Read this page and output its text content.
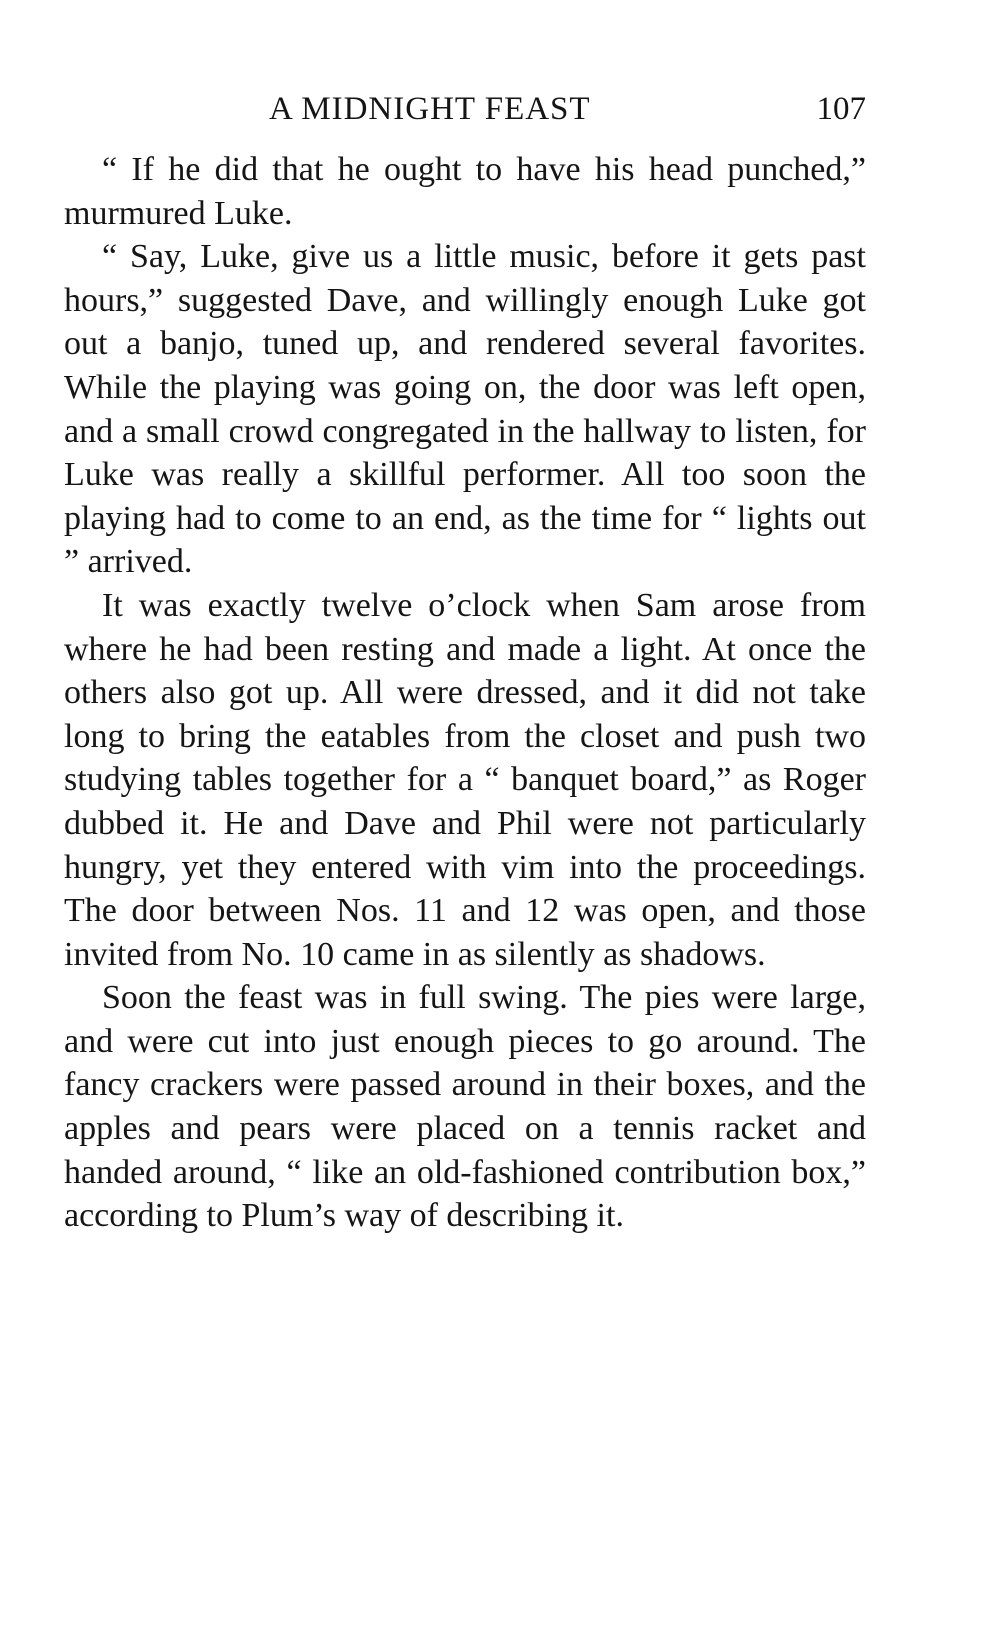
A MIDNIGHT FEAST	107

“ If he did that he ought to have his head punched,” murmured Luke.

“ Say, Luke, give us a little music, before it gets past hours,” suggested Dave, and willingly enough Luke got out a banjo, tuned up, and rendered several favorites. While the playing was going on, the door was left open, and a small crowd congregated in the hallway to listen, for Luke was really a skillful performer. All too soon the playing had to come to an end, as the time for “ lights out ” arrived.

It was exactly twelve o’clock when Sam arose from where he had been resting and made a light. At once the others also got up. All were dressed, and it did not take long to bring the eatables from the closet and push two studying tables together for a “ banquet board,” as Roger dubbed it. He and Dave and Phil were not particularly hungry, yet they entered with vim into the proceedings. The door between Nos. 11 and 12 was open, and those invited from No. 10 came in as silently as shadows.

Soon the feast was in full swing. The pies were large, and were cut into just enough pieces to go around. The fancy crackers were passed around in their boxes, and the apples and pears were placed on a tennis racket and handed around, “ like an old-fashioned contribution box,” according to Plum’s way of describing it.
